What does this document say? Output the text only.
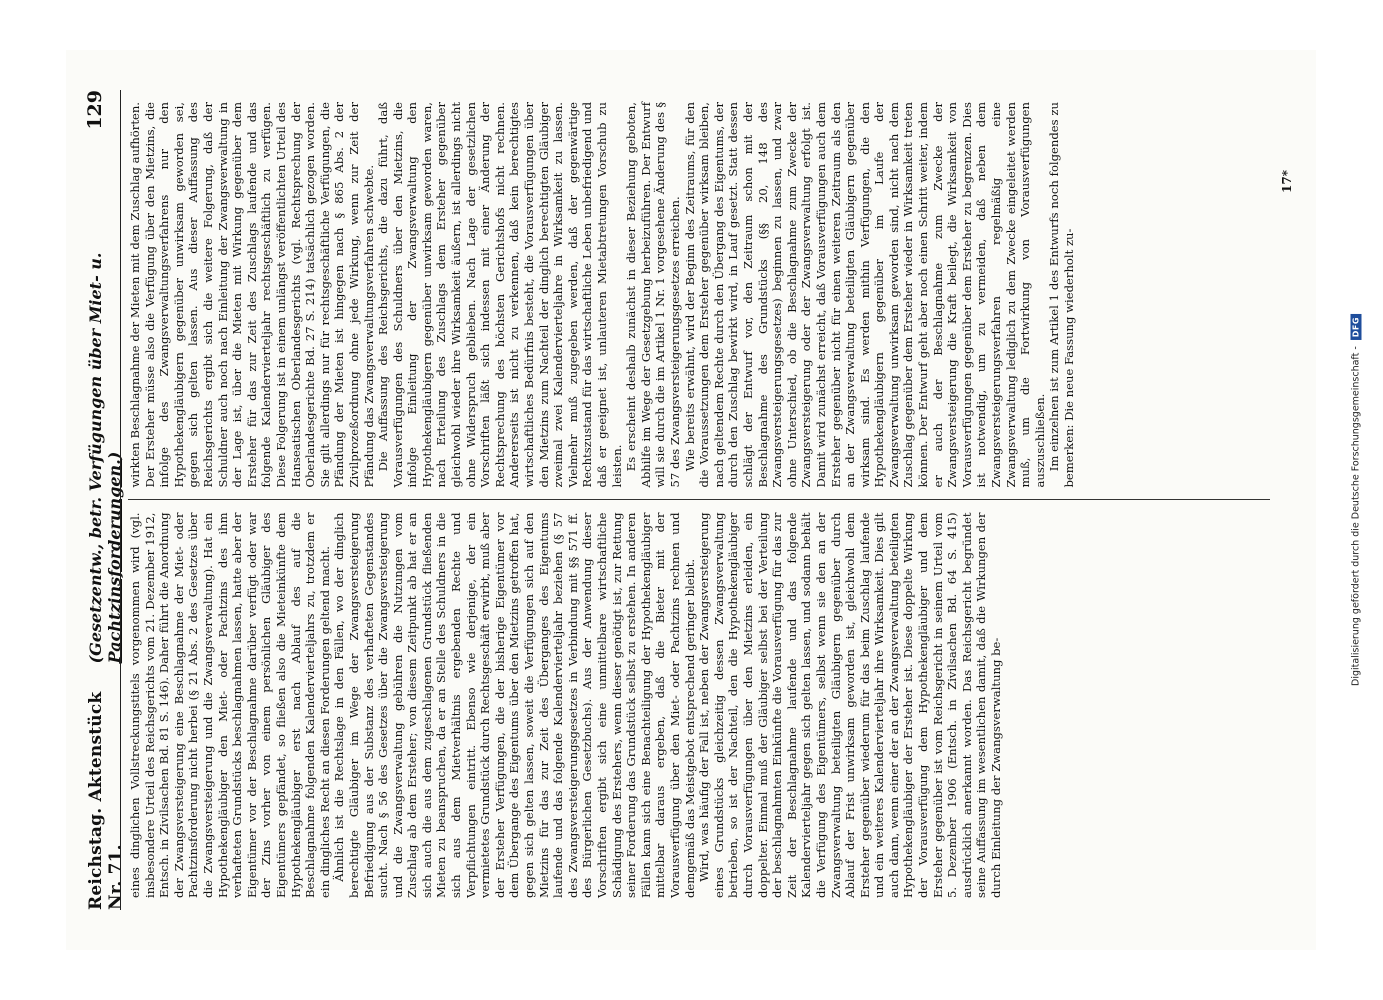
Reichstag. Aktenstück Nr. 71.
(Gesetzentw., betr. Verfügungen über Miet- u. Pachtzinsforderungen.)
129

eines dinglichen Vollstreckungstitels vorgenommen wird (vgl. insbesondere Urteil des Reichsgerichts vom 21. Dezember 1912, Entsch. in Zivilsachen Bd. 81 S. 146). Daher führt die Anordnung der Zwangsversteigerung eine Beschlagnahme der Miet- oder Pachtzinsforderung nicht herbei (§ 21 Abs. 2 des Gesetzes über die Zwangsversteigerung und die Zwangsverwaltung). Hat ein Hypothekengläubiger den Miet- oder Pachtzins des ihm verhafteten Grundstücks beschlagnahmen lassen, hatte aber der Eigentümer vor der Beschlagnahme darüber verfügt oder war der Zins vorher von einem persönlichen Gläubiger des Eigentümers gepfändet, so fließen also die Mieteinkünfte dem Hypothekengläubiger erst nach Ablauf des auf die Beschlagnahme folgenden Kalendervierteljahrs zu, trotzdem er ein dingliches Recht an diesen Forderungen geltend macht. Ähnlich ist die Rechtslage in den Fällen, wo der dinglich berechtigte Gläubiger im Wege der Zwangsversteigerung Befriedigung aus der Substanz des verhafteten Gegenstandes sucht. Nach § 56 des Gesetzes über die Zwangsversteigerung und die Zwangsverwaltung gebühren die Nutzungen vom Zuschlag ab dem Ersteher; von diesem Zeitpunkt ab hat er an sich auch die aus dem zugeschlagenen Grundstück fließenden Mieten zu beanspruchen, da er an Stelle des Schuldners in die sich aus dem Mietverhältnis ergebenden Rechte und Verpflichtungen eintritt. Ebenso wie derjenige, der ein vermietetes Grundstück durch Rechtsgeschäft erwirbt, muß aber der Ersteher Verfügungen, die der bisherige Eigentümer vor dem Übergange des Eigentums über den Mietzins getroffen hat, gegen sich gelten lassen, soweit die Verfügungen sich auf den Mietzins für das zur Zeit des Überganges des Eigentums laufende und das folgende Kalendervierteljahr beziehen (§ 57 des Zwangsversteigerungsgesetzes in Verbindung mit §§ 571 ff. des Bürgerlichen Gesetzbuchs). Aus der Anwendung dieser Vorschriften ergibt sich eine unmittelbare wirtschaftliche Schädigung des Erstehers, wenn dieser genötigt ist, zur Rettung seiner Forderung das Grundstück selbst zu erstehen. In anderen Fällen kann sich eine Benachteiligung der Hypothekengläubiger mittelbar daraus ergeben, daß die Bieter mit der Vorausverfügung über den Miet- oder Pachtzins rechnen und demgemäß das Meistgebot entsprechend geringer bleibt. Wird, was häufig der Fall ist, neben der Zwangsversteigerung eines Grundstücks gleichzeitig dessen Zwangsverwaltung betrieben, so ist der Nachteil, den die Hypothekengläubiger durch Vorausverfügungen über den Mietzins erleiden, ein doppelter. Einmal muß der Gläubiger selbst bei der Verteilung der beschlagnahmten Einkünfte die Vorausverfügung für das zur Zeit der Beschlagnahme laufende und das folgende Kalendervierteljahr gegen sich gelten lassen, und sodann behält die Verfügung des Eigentümers, selbst wenn sie den an der Zwangsverwaltung beteiligten Gläubigern gegenüber durch Ablauf der Frist unwirksam geworden ist, gleichwohl dem Ersteher gegenüber wiederum für das beim Zuschlag laufende und ein weiteres Kalendervierteljahr ihre Wirksamkeit. Dies gilt auch dann, wenn einer der an der Zwangsverwaltung beteiligten Hypothekengläubiger der Ersteher ist. Diese doppelte Wirkung der Vorausverfügung dem Hypothekengläubiger und dem Ersteher gegenüber ist vom Reichsgericht in seinem Urteil vom 5. Dezember 1906 (Entsch. in Zivilsachen Bd. 64 S. 415) ausdrücklich anerkannt worden. Das Reichsgericht begründet seine Auffassung im wesentlichen damit, daß die Wirkungen der durch Einleitung der Zwangsverwaltung be-

wirkten Beschlagnahme der Mieten mit dem Zuschlag aufhörten. Der Ersteher müsse also die Verfügung über den Mietzins, die infolge des Zwangsverwaltungsverfahrens nur den Hypothekengläubigern gegenüber unwirksam geworden sei, gegen sich gelten lassen. Aus dieser Auffassung des Reichsgerichts ergibt sich die weitere Folgerung, daß der Schuldner auch noch nach Einleitung der Zwangsverwaltung in der Lage ist, über die Mieten mit Wirkung gegenüber dem Ersteher für das zur Zeit des Zuschlags laufende und das folgende Kalendervierteljahr rechtsgeschäftlich zu verfügen. Diese Folgerung ist in einem unlängst veröffentlichten Urteil des Hanseatischen Oberlandesgerichts (vgl. Rechtsprechung der Oberlandesgerichte Bd. 27 S. 214) tatsächlich gezogen worden. Sie gilt allerdings nur für rechtsgeschäftliche Verfügungen, die Pfändung der Mieten ist hingegen nach § 865 Abs. 2 der Zivilprozeßordnung ohne jede Wirkung, wenn zur Zeit der Pfändung das Zwangsverwaltungsverfahren schwebte. Die Auffassung des Reichsgerichts, die dazu führt, daß Vorausverfügungen des Schuldners über den Mietzins, die infolge Einleitung der Zwangsverwaltung den Hypothekengläubigern gegenüber unwirksam geworden waren, nach Erteilung des Zuschlags dem Ersteher gegenüber gleichwohl wieder ihre Wirksamkeit äußern, ist allerdings nicht ohne Widerspruch geblieben. Nach Lage der gesetzlichen Vorschriften läßt sich indessen mit einer Änderung der Rechtsprechung des höchsten Gerichtshofs nicht rechnen. Andererseits ist nicht zu verkennen, daß kein berechtigtes wirtschaftliches Bedürfnis besteht, die Vorausverfügungen über den Mietzins zum Nachteil der dinglich berechtigten Gläubiger zweimal zwei Kalendervierteljahre in Wirksamkeit zu lassen. Vielmehr muß zugegeben werden, daß der gegenwärtige Rechtszustand für das wirtschaftliche Leben unbefriedigend und daß er geeignet ist, unlauteren Mietabtretungen Vorschub zu leisten. Es erscheint deshalb zunächst in dieser Beziehung geboten, Abhilfe im Wege der Gesetzgebung herbeizuführen. Der Entwurf will sie durch die im Artikel 1 Nr. 1 vorgesehene Änderung des § 57 des Zwangsversteigerungsgesetzes erreichen. Wie bereits erwähnt, wird der Beginn des Zeitraums, für den die Voraussetzungen dem Ersteher gegenüber wirksam bleiben, nach geltendem Rechte durch den Übergang des Eigentums, der durch den Zuschlag bewirkt wird, in Lauf gesetzt. Statt dessen schlägt der Entwurf vor, den Zeitraum schon mit der Beschlagnahme des Grundstücks (§§ 20, 148 des Zwangsversteigerungsgesetzes) beginnen zu lassen, und zwar ohne Unterschied, ob die Beschlagnahme zum Zwecke der Zwangsversteigerung oder der Zwangsverwaltung erfolgt ist. Damit wird zunächst erreicht, daß Vorausverfügungen auch dem Ersteher gegenüber nicht für einen weiteren Zeitraum als den an der Zwangsverwaltung beteiligten Gläubigern gegenüber wirksam sind. Es werden mithin Verfügungen, die den Hypothekengläubigern gegenüber im Laufe der Zwangsverwaltung unwirksam geworden sind, nicht nach dem Zuschlag gegenüber dem Ersteher wieder in Wirksamkeit treten können. Der Entwurf geht aber noch einen Schritt weiter, indem er auch der Beschlagnahme zum Zwecke der Zwangsversteigerung die Kraft beilegt, die Wirksamkeit von Vorausverfügungen gegenüber dem Ersteher zu begrenzen. Dies ist notwendig, um zu vermeiden, daß neben dem Zwangsversteigerungsverfahren regelmäßig eine Zwangsverwaltung lediglich zu dem Zwecke eingeleitet werden muß, um die Fortwirkung von Vorausverfügungen auszuschließen. Im einzelnen ist zum Artikel 1 des Entwurfs noch folgendes zu bemerken: Die neue Fassung wiederholt zu-

17*
Digitalisierung gefördert durch die Deutsche Forschungsgemeinschaft -
DFG
